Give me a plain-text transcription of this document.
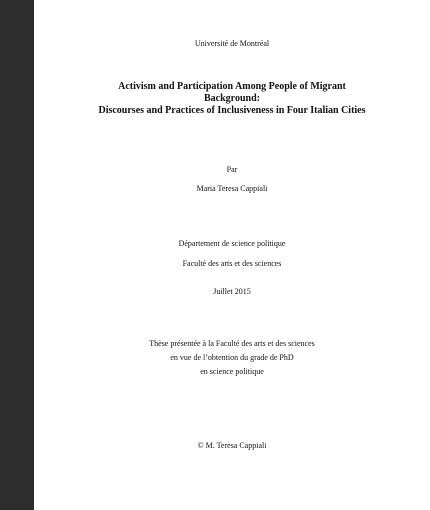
Université de Montréal
Activism and Participation Among People of Migrant
Background:
Discourses and Practices of Inclusiveness in Four Italian Cities
Par
Maria Teresa Cappiali
Département de science politique
Faculté des arts et des sciences
Juillet 2015
Thèse présentée à la Faculté des arts et des sciences
en vue de l’obtention du grade de PhD
en science politique
© M. Teresa Cappiali
